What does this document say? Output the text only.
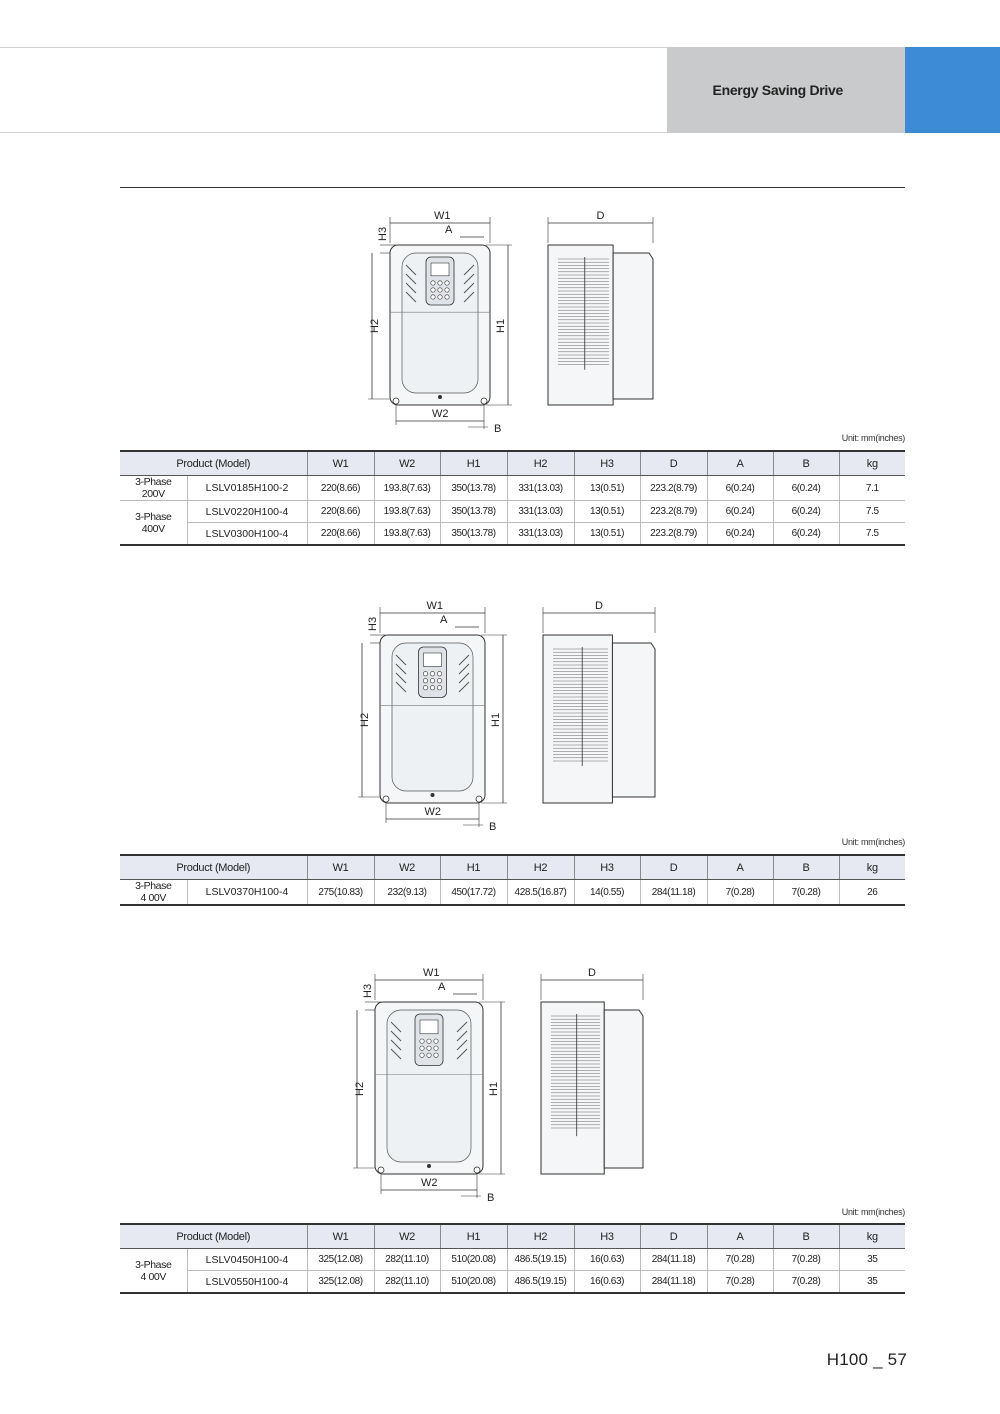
Energy Saving Drive
W1
A
H3
H2	H1
W2
B
D
Unit: mm(inches)
Product (Model)		W1	W2	H1	H2	H3	D	A	B	kg

3-Phase
200V	LSLV0185H100-2	220(8.66)	193.8(7.63)	350(13.78)	331(13.03)	13(0.51)	223.2(8.79)	6(0.24)	6(0.24)	7.1

3-Phase
400V	LSLV0220H100-4	220(8.66)	193.8(7.63)	350(13.78)	331(13.03)	13(0.51)	223.2(8.79)	6(0.24)	6(0.24)	7.5
	LSLV0300H100-4	220(8.66)	193.8(7.63)	350(13.78)	331(13.03)	13(0.51)	223.2(8.79)	6(0.24)	6(0.24)	7.5
W1
A
H3
H2	H1
W2
B
D
Unit: mm(inches)
Product (Model)		W1	W2	H1	H2	H3	D	A	B	kg

3-Phase
4 00V	LSLV0370H100-4	275(10.83)	232(9.13)	450(17.72)	428.5(16.87)	14(0.55)	284(11.18)	7(0.28)	7(0.28)	26
W1
A
H3
H2	H1
W2
B
D
Unit: mm(inches)
Product (Model)		W1	W2	H1	H2	H3	D	A	B	kg

3-Phase
4 00V	LSLV0450H100-4	325(12.08)	282(11.10)	510(20.08)	486.5(19.15)	16(0.63)	284(11.18)	7(0.28)	7(0.28)	35
	LSLV0550H100-4	325(12.08)	282(11.10)	510(20.08)	486.5(19.15)	16(0.63)	284(11.18)	7(0.28)	7(0.28)	35
H100 _ 57
